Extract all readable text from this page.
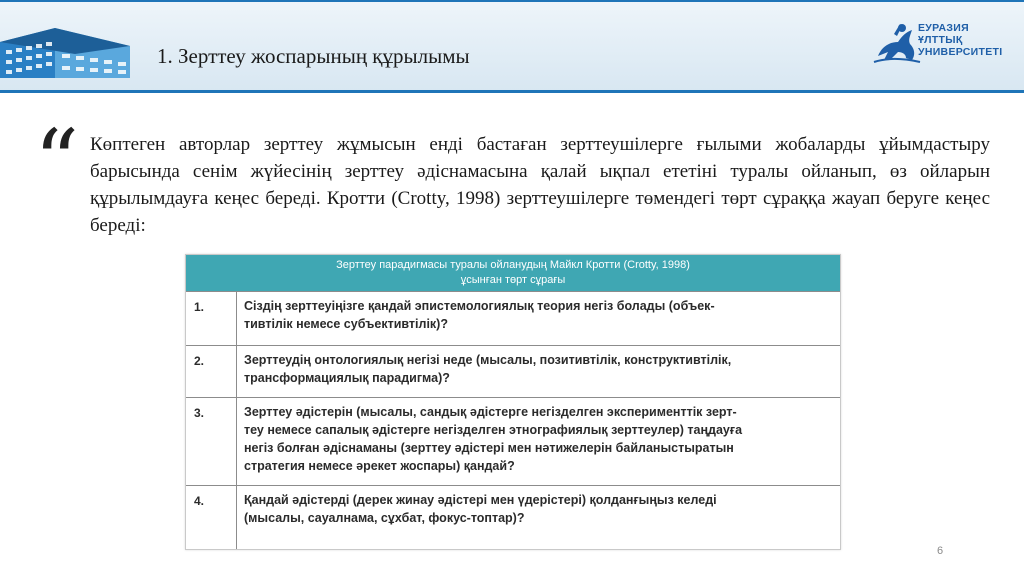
1. Зерттеу жоспарының құрылымы
ЕУРАЗИЯ
ҰЛТТЫҚ
УНИВЕРСИТЕТІ
“ Көптеген авторлар зерттеу жұмысын енді бастаған зерттеушілерге ғылыми жобаларды ұйымдастыру барысында сенім жүйесінің зерттеу әдіснамасына қалай ықпал ететіні туралы ойланып, өз ойларын құрылымдауға кеңес береді. Кротти (Crotty, 1998) зерттеушілерге төмендегі төрт сұраққа жауап беруге кеңес береді:
Зерттеу парадигмасы туралы ойланудың Майкл Кротти (Crotty, 1998)
ұсынған төрт сұрағы
1.	Сіздің зерттеуіңізге қандай эпистемологиялық теория негіз болады (объек-
тивтілік немесе субъективтілік)?
2.	Зерттеудің онтологиялық негізі неде (мысалы, позитивтілік, конструктивтілік,
трансформациялық парадигма)?
3.	Зерттеу әдістерін (мысалы, сандық әдістерге негізделген эксперименттік зерт-
теу немесе сапалық әдістерге негізделген этнографиялық зерттеулер) таңдауға
негіз болған әдіснаманы (зерттеу әдістері мен нәтижелерін байланыстыратын
стратегия немесе әрекет жоспары) қандай?
4.	Қандай әдістерді (дерек жинау әдістері мен үдерістері) қолданғыңыз келеді
(мысалы, сауалнама, сұхбат, фокус-топтар)?
6
